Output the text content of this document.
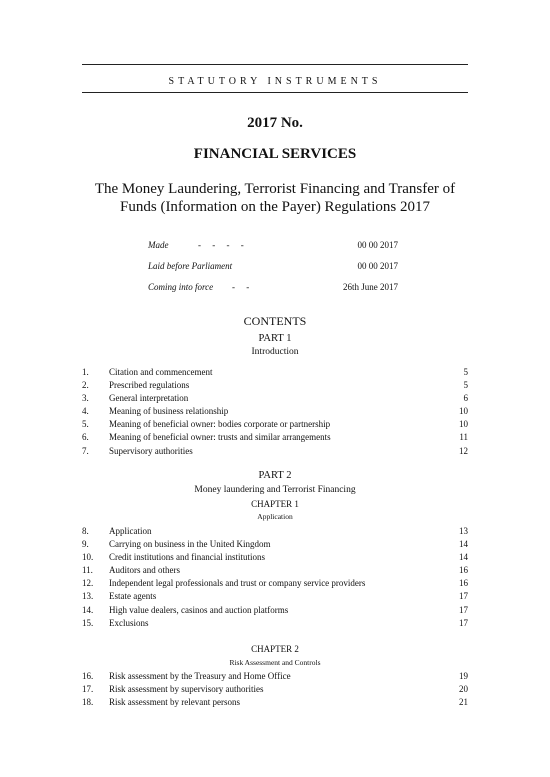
STATUTORY INSTRUMENTS
2017 No.
FINANCIAL SERVICES
The Money Laundering, Terrorist Financing and Transfer of
Funds (Information on the Payer) Regulations 2017
Made	-     -     -     -	00 00 2017
Laid before Parliament	00 00 2017
Coming into force -     -	26th June 2017
CONTENTS
PART 1
Introduction
1. Citation and commencement	5
2. Prescribed regulations	5
3. General interpretation	6
4. Meaning of business relationship	10
5. Meaning of beneficial owner: bodies corporate or partnership	10
6. Meaning of beneficial owner: trusts and similar arrangements	11
7. Supervisory authorities	12
PART 2
Money laundering and Terrorist Financing
CHAPTER 1
Application
8. Application	13
9. Carrying on business in the United Kingdom	14
10. Credit institutions and financial institutions	14
11. Auditors and others	16
12. Independent legal professionals and trust or company service providers	16
13. Estate agents	17
14. High value dealers, casinos and auction platforms	17
15. Exclusions	17
CHAPTER 2
Risk Assessment and Controls
16. Risk assessment by the Treasury and Home Office	19
17. Risk assessment by supervisory authorities	20
18. Risk assessment by relevant persons	21
